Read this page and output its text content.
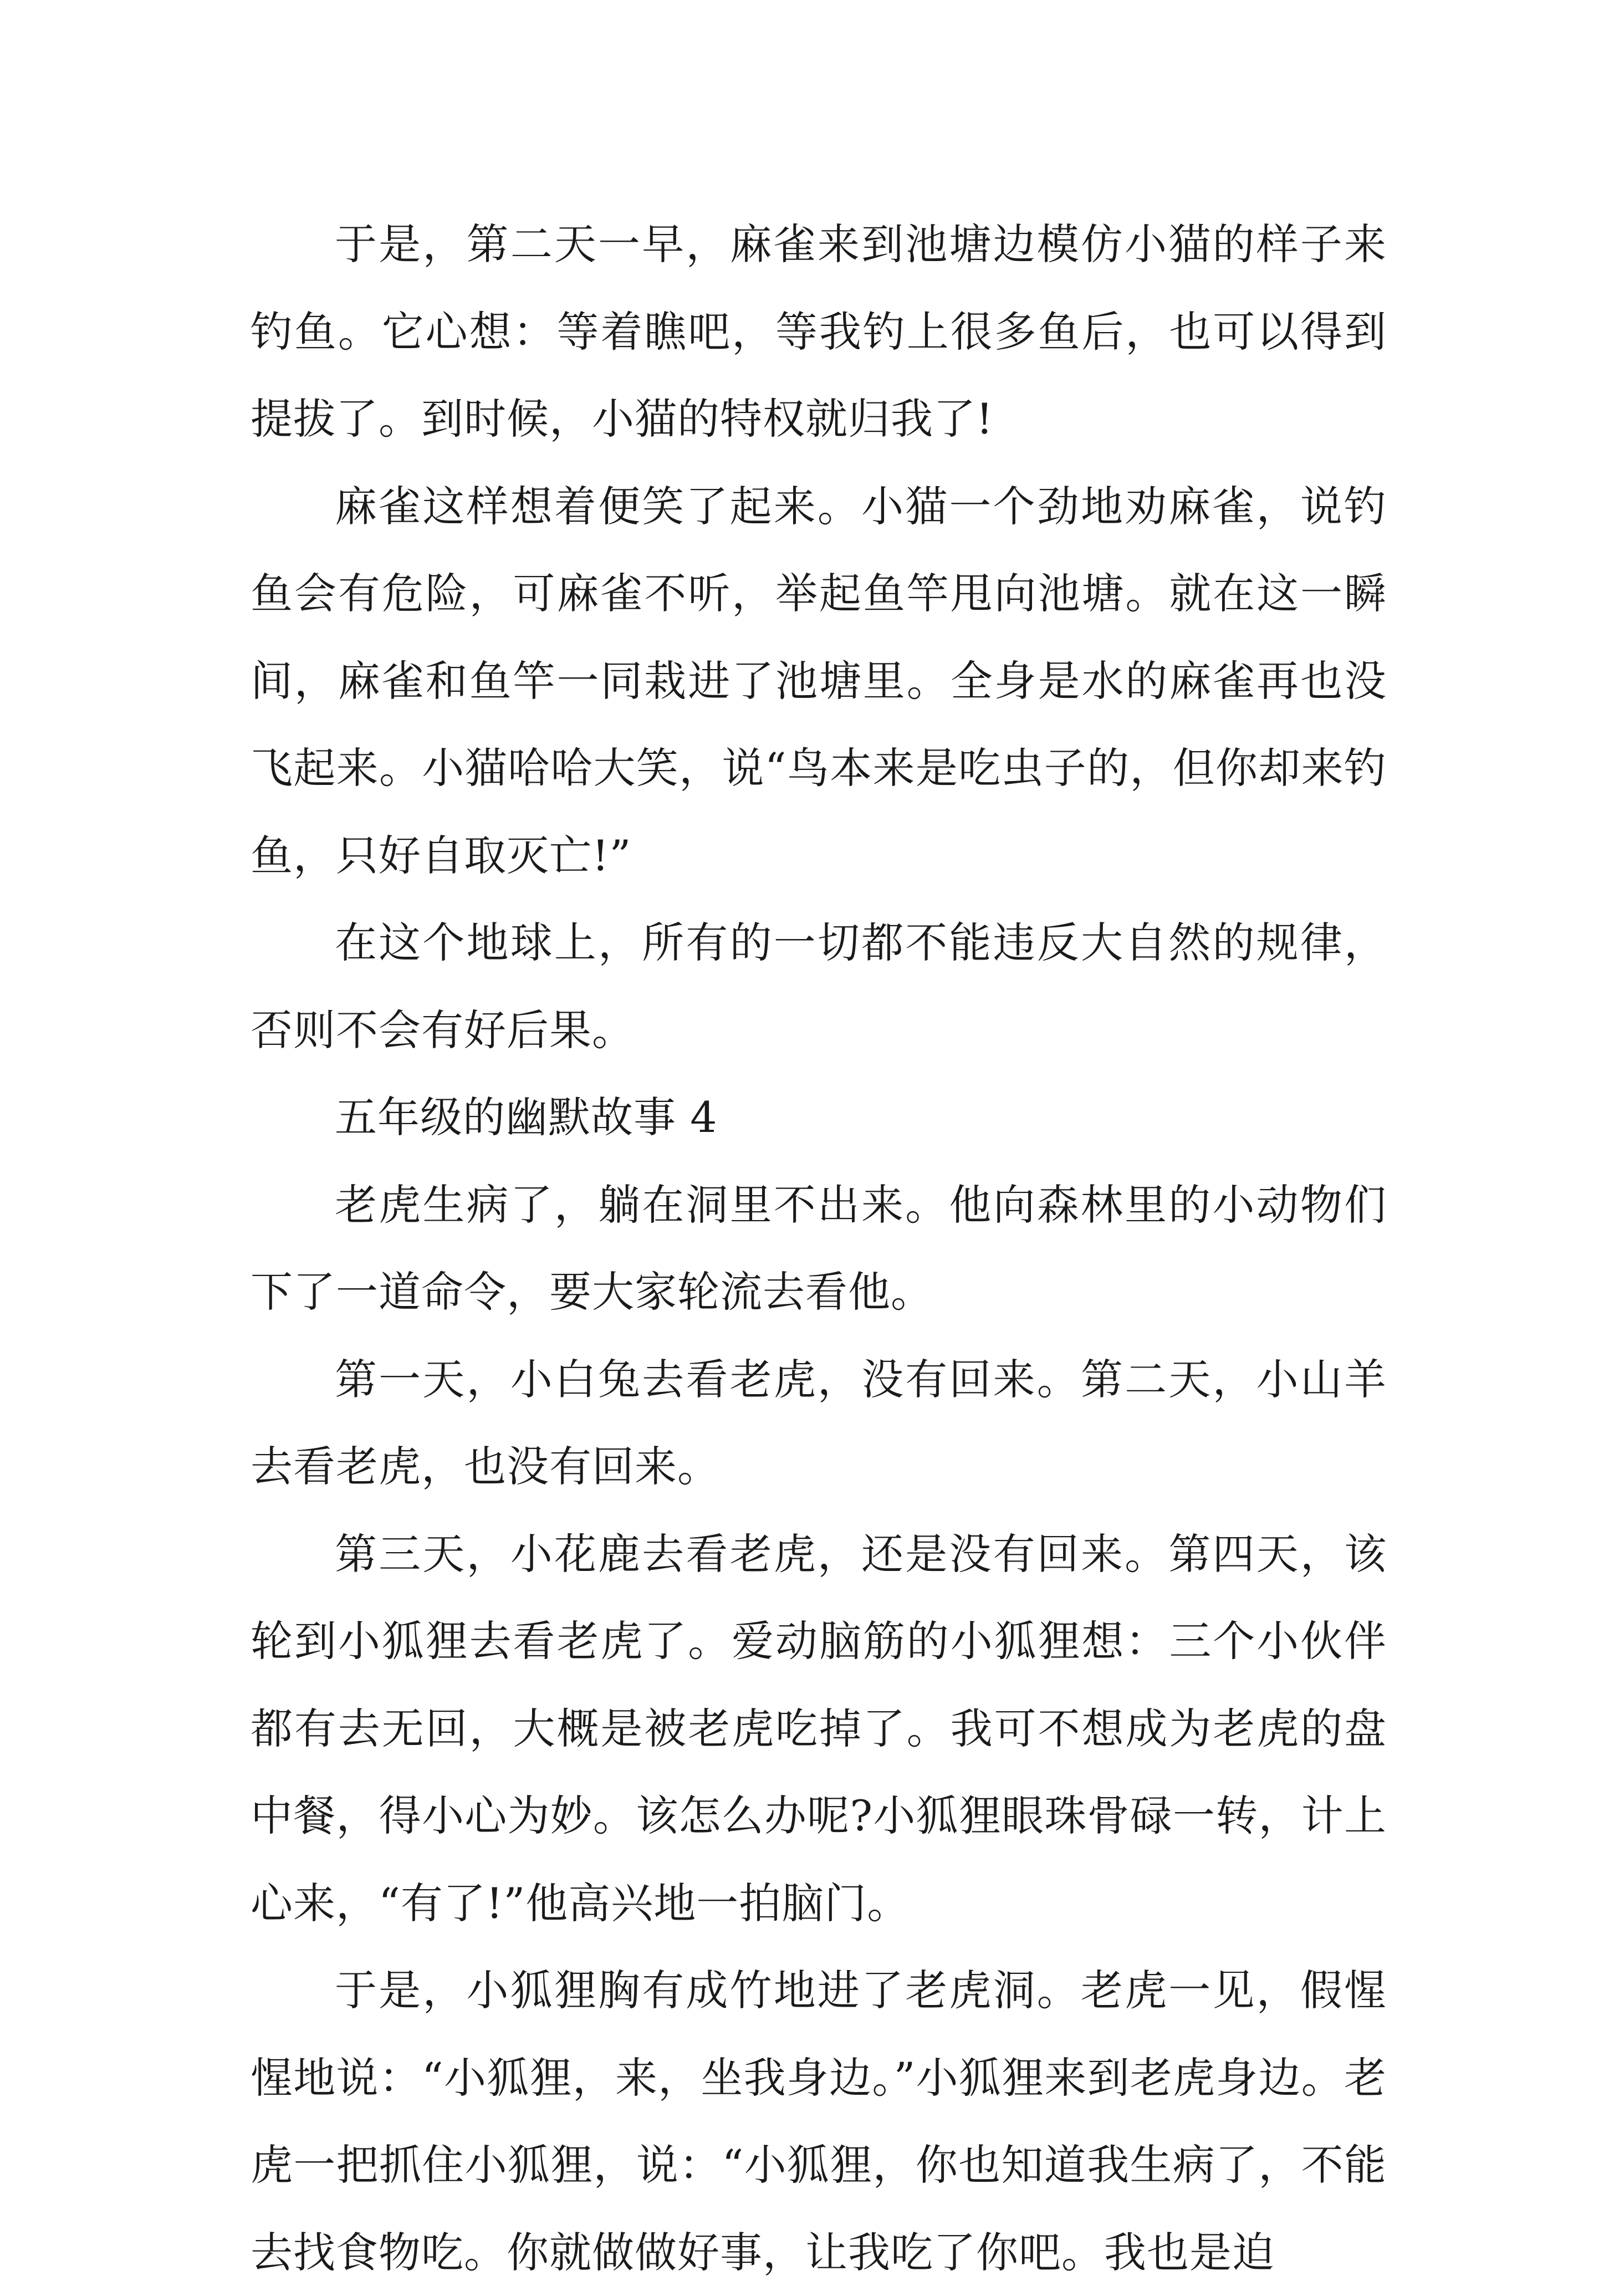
于是，第二天一早，麻雀来到池塘边模仿小猫的样子来钓鱼。它心想：等着瞧吧，等我钓上很多鱼后，也可以得到提拔了。到时候，小猫的特权就归我了!

麻雀这样想着便笑了起来。小猫一个劲地劝麻雀，说钓鱼会有危险，可麻雀不听，举起鱼竿甩向池塘。就在这一瞬间，麻雀和鱼竿一同栽进了池塘里。全身是水的麻雀再也没飞起来。小猫哈哈大笑，说“鸟本来是吃虫子的，但你却来钓鱼，只好自取灭亡!”

在这个地球上，所有的一切都不能违反大自然的规律，否则不会有好后果。

五年级的幽默故事 4

老虎生病了，躺在洞里不出来。他向森林里的小动物们下了一道命令，要大家轮流去看他。

第一天，小白兔去看老虎，没有回来。第二天，小山羊去看老虎，也没有回来。

第三天，小花鹿去看老虎，还是没有回来。第四天，该轮到小狐狸去看老虎了。爱动脑筋的小狐狸想：三个小伙伴都有去无回，大概是被老虎吃掉了。我可不想成为老虎的盘中餐，得小心为妙。该怎么办呢?小狐狸眼珠骨碌一转，计上心来，“有了!”他高兴地一拍脑门。

于是，小狐狸胸有成竹地进了老虎洞。老虎一见，假惺惺地说：“小狐狸，来，坐我身边。”小狐狸来到老虎身边。老虎一把抓住小狐狸，说：“小狐狸，你也知道我生病了，不能去找食物吃。你就做做好事，让我吃了你吧。我也是迫
